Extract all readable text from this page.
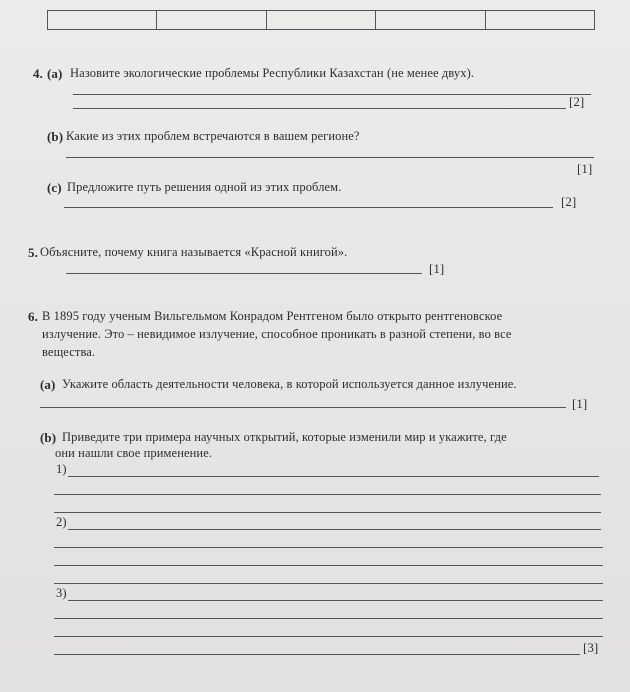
4. (a) Назовите экологические проблемы Республики Казахстан (не менее двух).
[2]
(b) Какие из этих проблем встречаются в вашем регионе?
[1]
(c) Предложите путь решения одной из этих проблем.
[2]
5. Объясните, почему книга называется «Красной книгой».
[1]
6. В 1895 году ученым Вильгельмом Конрадом Рентгеном было открыто рентгеновское
излучение. Это – невидимое излучение, способное проникать в разной степени, во все
вещества.
(a) Укажите область деятельности человека, в которой используется данное излучение.
[1]
(b) Приведите три примера научных открытий, которые изменили мир и укажите, где
они нашли свое применение.
1)
2)
3)
[3]
